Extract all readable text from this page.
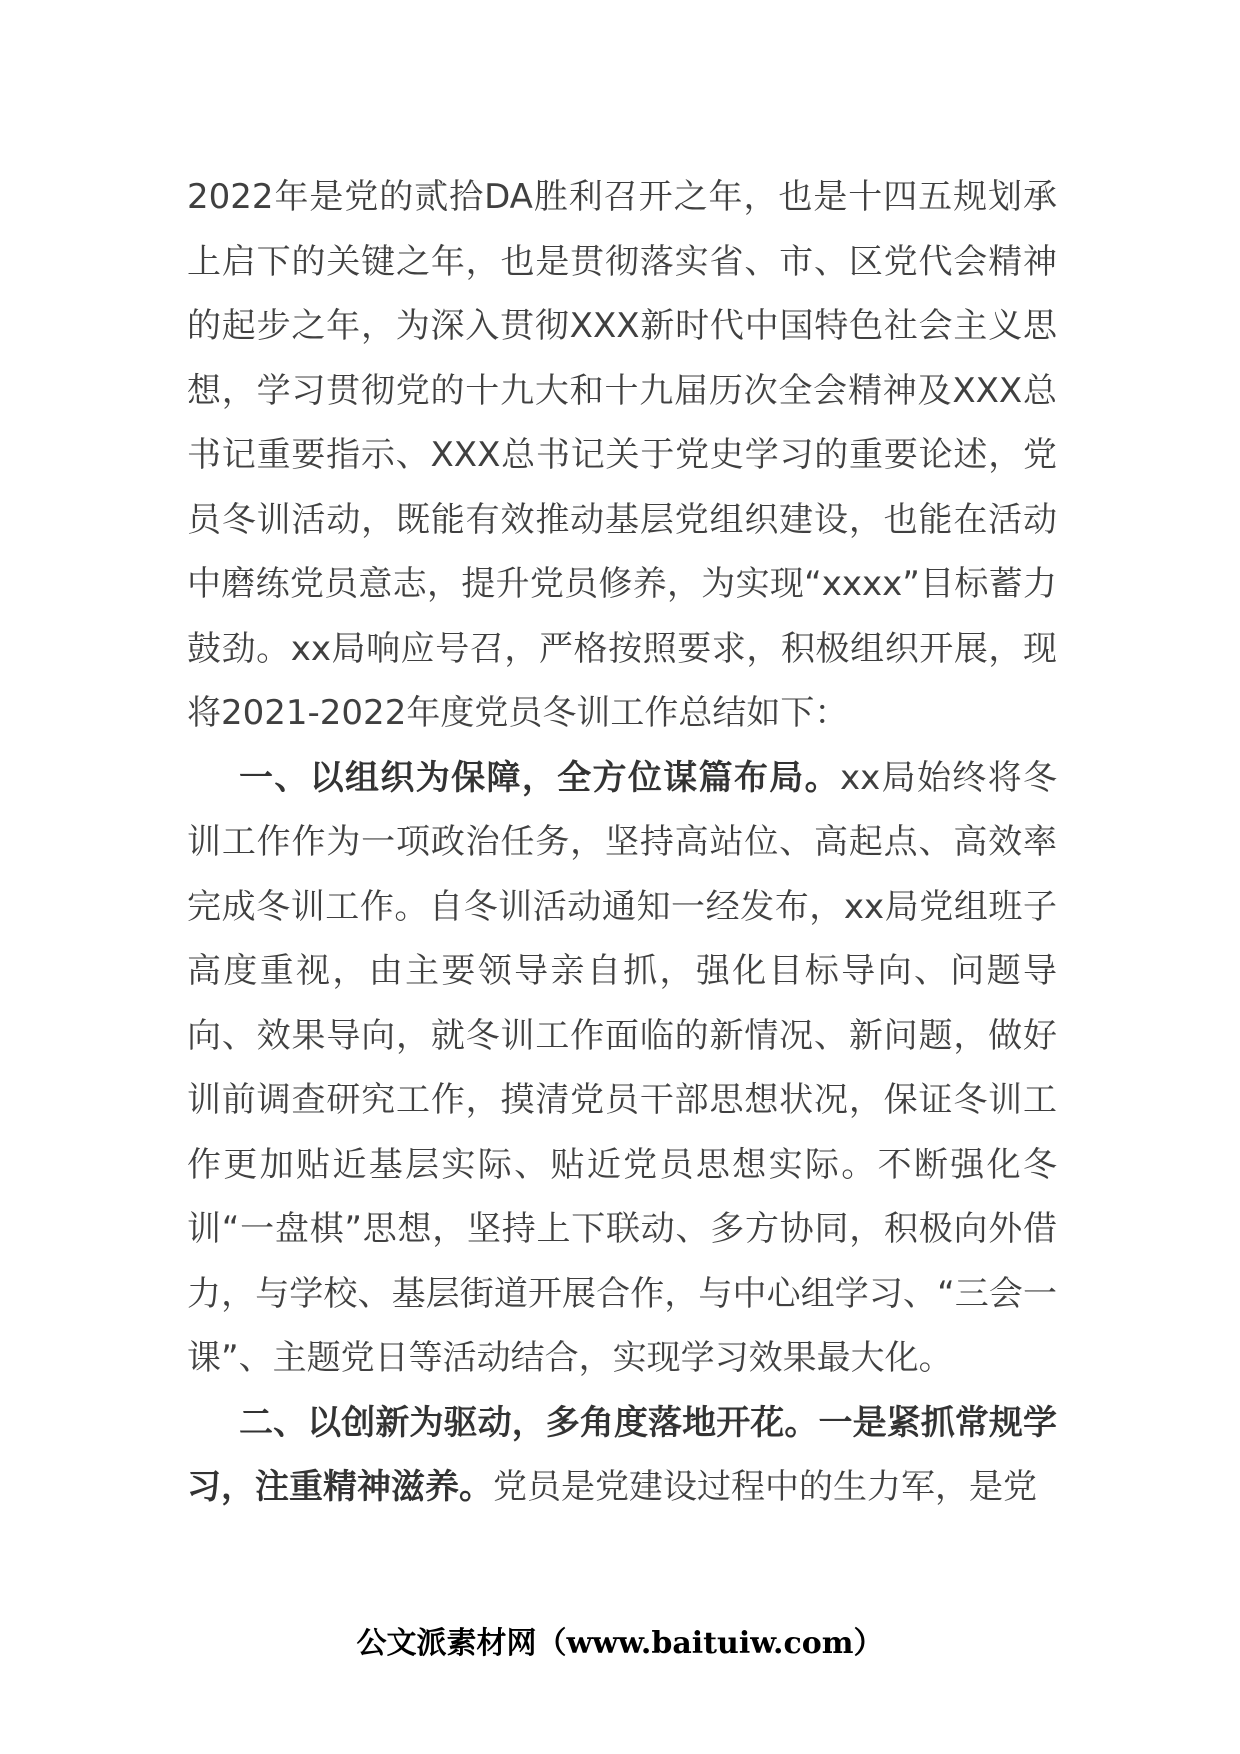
2022年是党的贰拾DA胜利召开之年，也是十四五规划承上启下的关键之年，也是贯彻落实省、市、区党代会精神的起步之年，为深入贯彻XXX新时代中国特色社会主义思想，学习贯彻党的十九大和十九届历次全会精神及XXX总书记重要指示、XXX总书记关于党史学习的重要论述，党员冬训活动，既能有效推动基层党组织建设，也能在活动中磨练党员意志，提升党员修养，为实现“xxxx”目标蓄力鼓劲。xx局响应号召，严格按照要求，积极组织开展，现将2021-2022年度党员冬训工作总结如下：

一、以组织为保障，全方位谋篇布局。xx局始终将冬训工作作为一项政治任务，坚持高站位、高起点、高效率完成冬训工作。自冬训活动通知一经发布，xx局党组班子高度重视，由主要领导亲自抓，强化目标导向、问题导向、效果导向，就冬训工作面临的新情况、新问题，做好训前调查研究工作，摸清党员干部思想状况，保证冬训工作更加贴近基层实际、贴近党员思想实际。不断强化冬训“一盘棋”思想，坚持上下联动、多方协同，积极向外借力，与学校、基层街道开展合作，与中心组学习、“三会一课”、主题党日等活动结合，实现学习效果最大化。

二、以创新为驱动，多角度落地开花。一是紧抓常规学习，注重精神滋养。党员是党建设过程中的生力军，是党

公文派素材网（www.baituiw.com）
